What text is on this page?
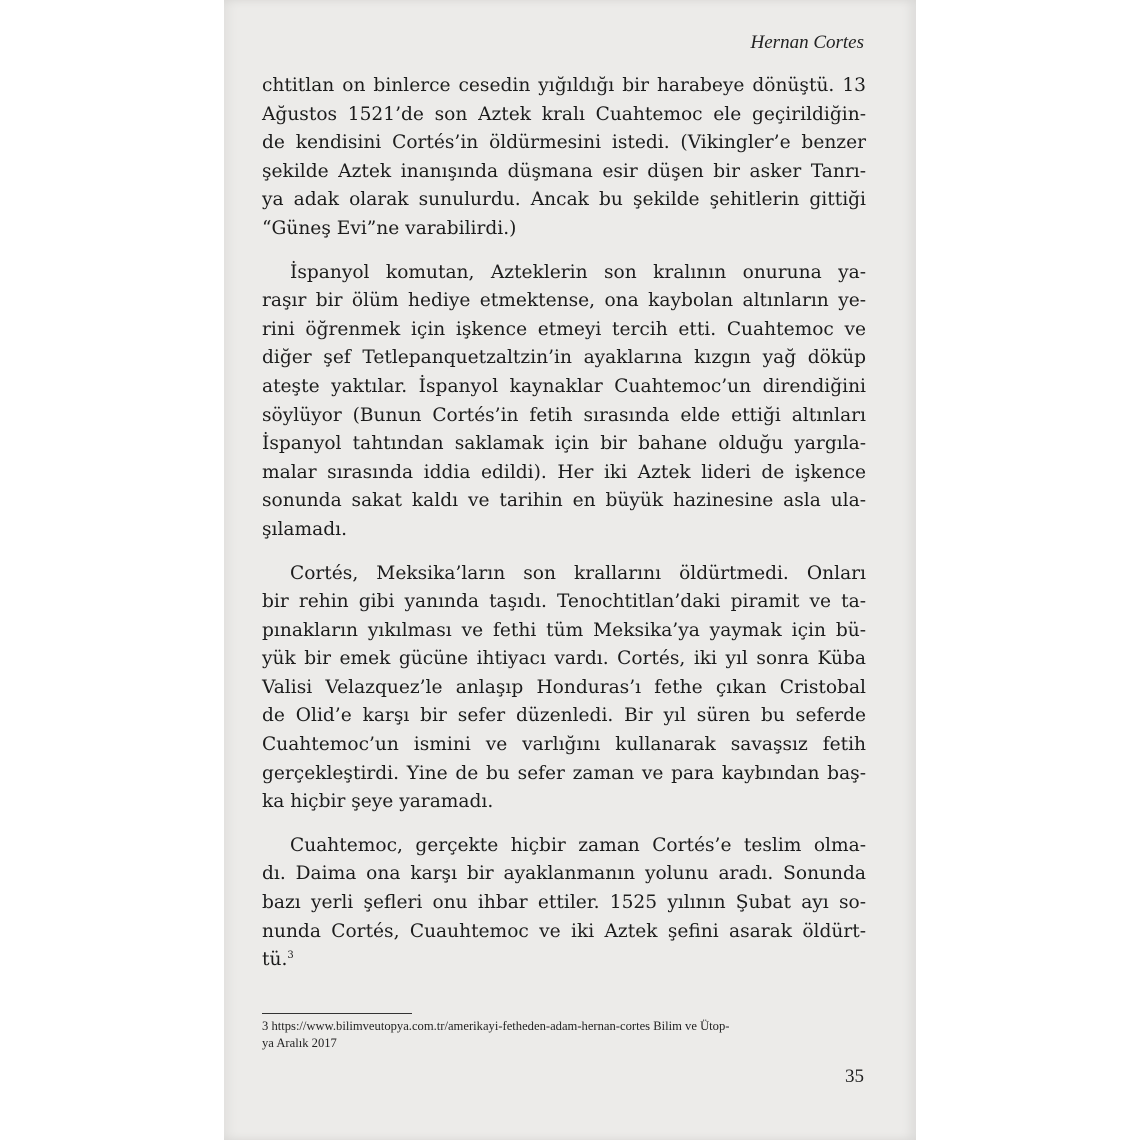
Hernan Cortes
chtitlan on binlerce cesedin yığıldığı bir harabeye dönüştü. 13
Ağustos 1521’de son Aztek kralı Cuahtemoc ele geçirildiğin-
de kendisini Cortés’in öldürmesini istedi. (Vikingler’e benzer
şekilde Aztek inanışında düşmana esir düşen bir asker Tanrı-
ya adak olarak sunulurdu. Ancak bu şekilde şehitlerin gittiği
“Güneş Evi”ne varabilirdi.)
İspanyol komutan, Azteklerin son kralının onuruna ya-
raşır bir ölüm hediye etmektense, ona kaybolan altınların ye-
rini öğrenmek için işkence etmeyi tercih etti. Cuahtemoc ve
diğer şef Tetlepanquetzaltzin’in ayaklarına kızgın yağ döküp
ateşte yaktılar. İspanyol kaynaklar Cuahtemoc’un direndiğini
söylüyor (Bunun Cortés’in fetih sırasında elde ettiği altınları
İspanyol tahtından saklamak için bir bahane olduğu yargıla-
malar sırasında iddia edildi). Her iki Aztek lideri de işkence
sonunda sakat kaldı ve tarihin en büyük hazinesine asla ula-
şılamadı.
Cortés, Meksika’ların son krallarını öldürtmedi. Onları
bir rehin gibi yanında taşıdı. Tenochtitlan’daki piramit ve ta-
pınakların yıkılması ve fethi tüm Meksika’ya yaymak için bü-
yük bir emek gücüne ihtiyacı vardı. Cortés, iki yıl sonra Küba
Valisi Velazquez’le anlaşıp Honduras’ı fethe çıkan Cristobal
de Olid’e karşı bir sefer düzenledi. Bir yıl süren bu seferde
Cuahtemoc’un ismini ve varlığını kullanarak savaşsız fetih
gerçekleştirdi. Yine de bu sefer zaman ve para kaybından baş-
ka hiçbir şeye yaramadı.
Cuahtemoc, gerçekte hiçbir zaman Cortés’e teslim olma-
dı. Daima ona karşı bir ayaklanmanın yolunu aradı. Sonunda
bazı yerli şefleri onu ihbar ettiler. 1525 yılının Şubat ayı so-
nunda Cortés, Cuauhtemoc ve iki Aztek şefini asarak öldürt-
tü.$^3$
3 https://www.bilimveutopya.com.tr/amerikayi-fetheden-adam-hernan-cortes Bilim ve Ütop-
ya Aralık 2017
35
